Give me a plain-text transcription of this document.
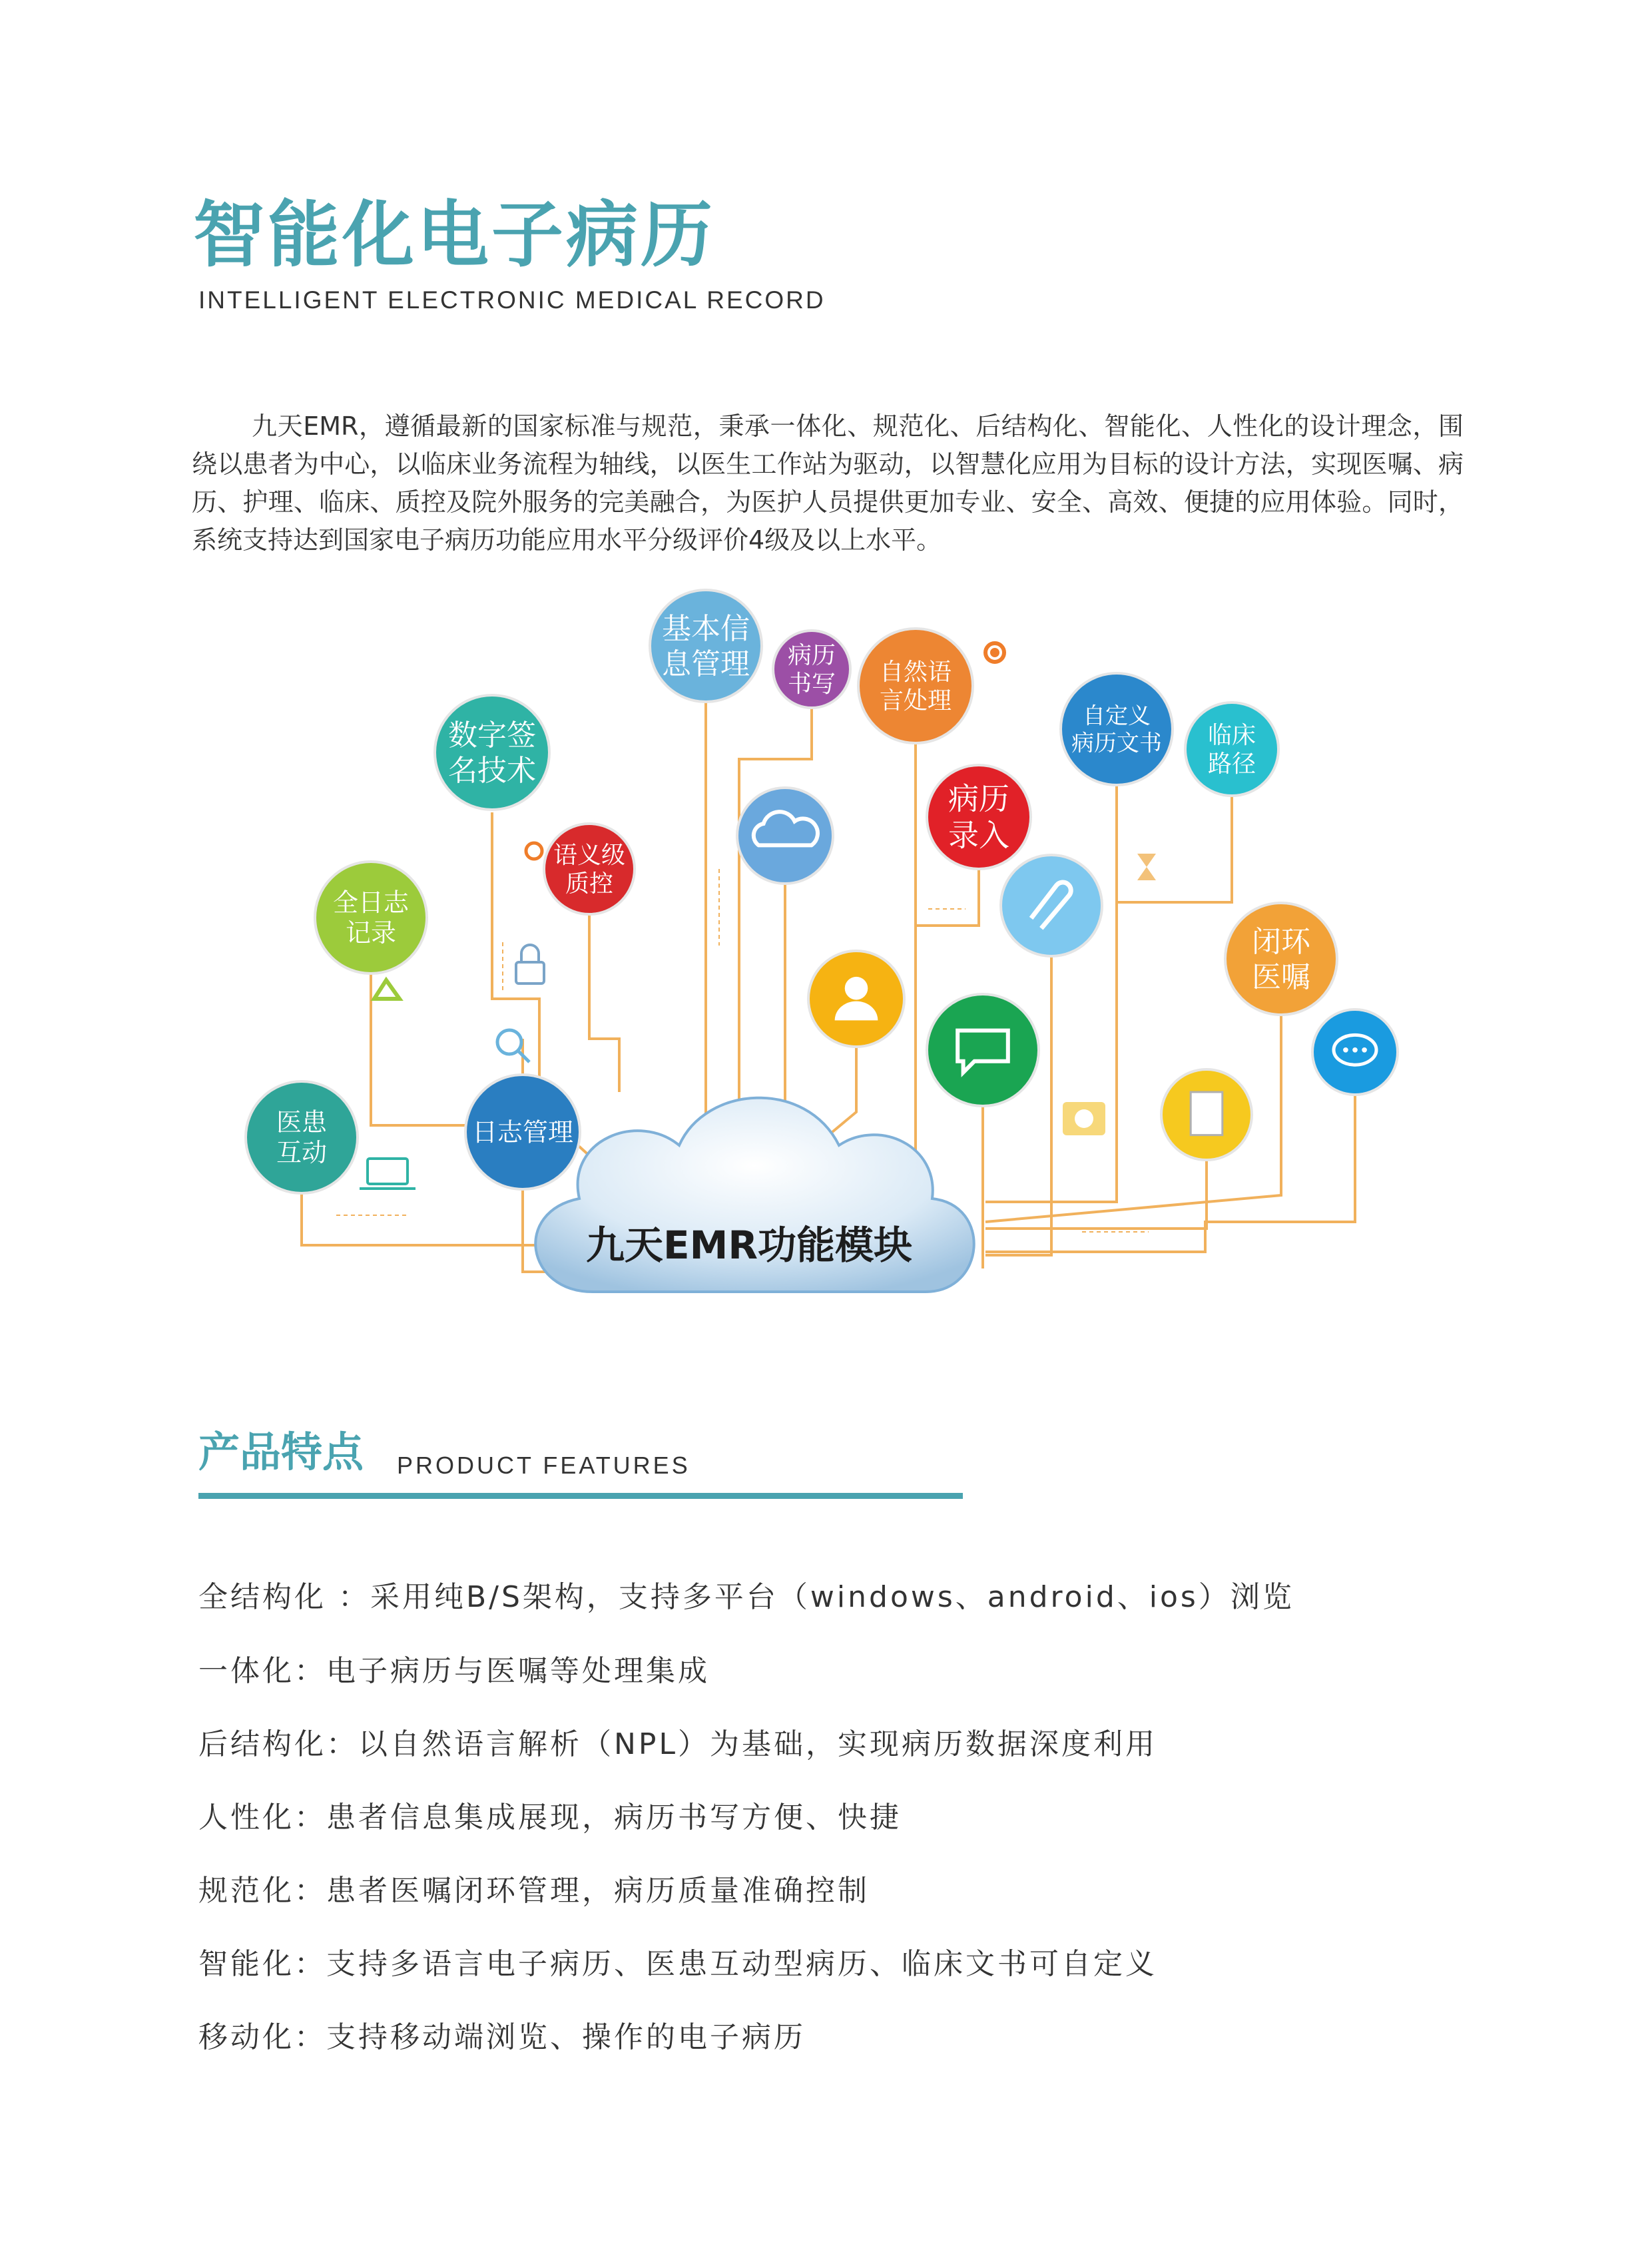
智能化电子病历
INTELLIGENT ELECTRONIC MEDICAL RECORD

九天EMR，遵循最新的国家标准与规范，秉承一体化、规范化、后结构化、智能化、人性化的设计理念，围绕以患者为中心，以临床业务流程为轴线，以医生工作站为驱动，以智慧化应用为目标的设计方法，实现医嘱、病历、护理、临床、质控及院外服务的完美融合，为医护人员提供更加专业、安全、高效、便捷的应用体验。同时，系统支持达到国家电子病历功能应用水平分级评价4级及以上水平。

九天EMR功能模块
基本信
息管理 病历
书写 自然语
言处理
数字签
名技术
自定义
病历文书 临床
路径
病历
录入
语义级
质控
全日志
记录	闭环
医嘱
医患
互动
日志管理
产品特点 PRODUCT FEATURES
全结构化 ：采用纯B/S架构，支持多平台（windows、android、ios）浏览
一体化：电子病历与医嘱等处理集成
后结构化：以自然语言解析（NPL）为基础，实现病历数据深度利用
人性化：患者信息集成展现，病历书写方便、快捷
规范化：患者医嘱闭环管理，病历质量准确控制
智能化：支持多语言电子病历、医患互动型病历、临床文书可自定义
移动化：支持移动端浏览、操作的电子病历
